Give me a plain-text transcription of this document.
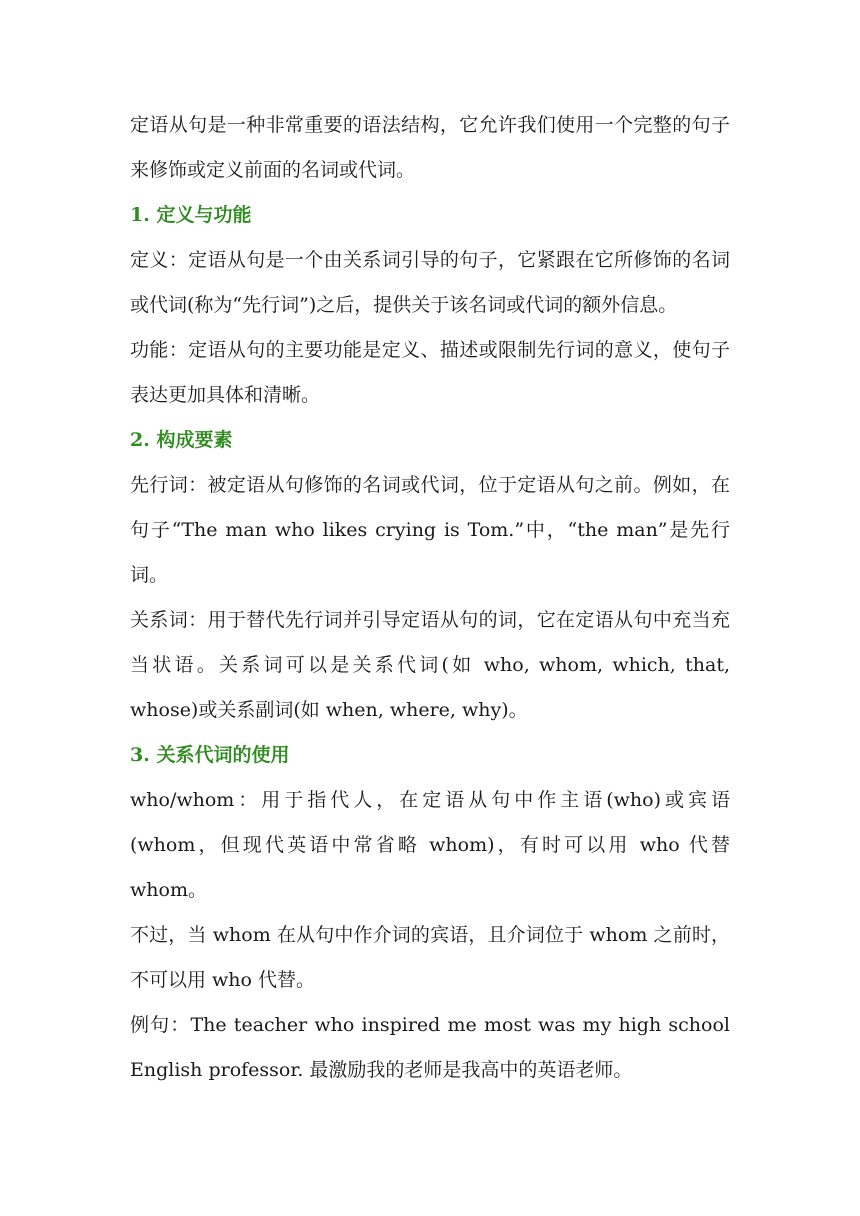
定语从句是一种非常重要的语法结构，它允许我们使用一个完整的句子来修饰或定义前面的名词或代词。

1. 定义与功能

定义：定语从句是一个由关系词引导的句子，它紧跟在它所修饰的名词或代词(称为“先行词”)之后，提供关于该名词或代词的额外信息。

功能：定语从句的主要功能是定义、描述或限制先行词的意义，使句子表达更加具体和清晰。

2. 构成要素

先行词：被定语从句修饰的名词或代词，位于定语从句之前。例如，在句子“The man who likes crying is Tom.”中，“the man”是先行词。

关系词：用于替代先行词并引导定语从句的词，它在定语从句中充当充当状语。关系词可以是关系代词(如 who, whom, which, that, whose)或关系副词(如 when, where, why)。

3. 关系代词的使用

who/whom：用于指代人，在定语从句中作主语(who)或宾语(whom，但现代英语中常省略 whom)，有时可以用 who 代替 whom。

不过，当 whom 在从句中作介词的宾语，且介词位于 whom 之前时，不可以用 who 代替。

例句：The teacher who inspired me most was my high school English professor. 最激励我的老师是我高中的英语老师。
